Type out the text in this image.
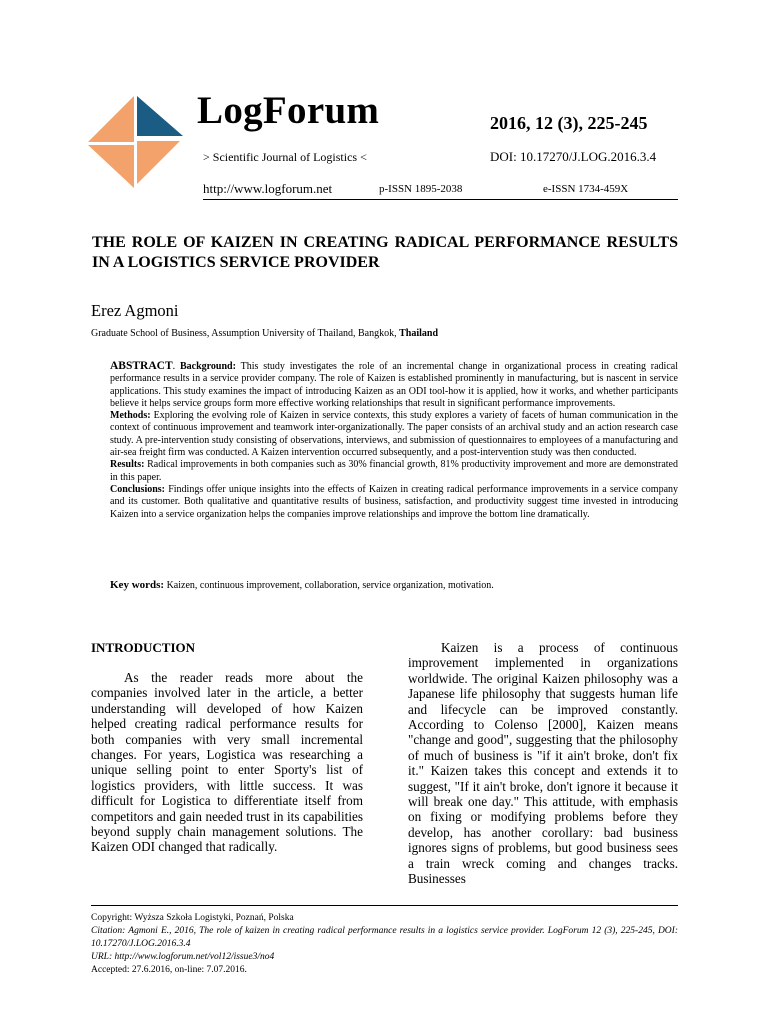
LogForum
> Scientific Journal of Logistics <
2016, 12 (3), 225-245
DOI: 10.17270/J.LOG.2016.3.4
http://www.logforum.net	p-ISSN 1895-2038	e-ISSN 1734-459X
THE ROLE OF KAIZEN IN CREATING RADICAL PERFORMANCE RESULTS IN A LOGISTICS SERVICE PROVIDER
Erez Agmoni
Graduate School of Business, Assumption University of Thailand, Bangkok, Thailand

ABSTRACT. Background: This study investigates the role of an incremental change in organizational process in creating radical performance results in a service provider company. The role of Kaizen is established prominently in manufacturing, but is nascent in service applications. This study examines the impact of introducing Kaizen as an ODI tool-how it is applied, how it works, and whether participants believe it helps service groups form more effective working relationships that result in significant performance improvements.

Methods: Exploring the evolving role of Kaizen in service contexts, this study explores a variety of facets of human communication in the context of continuous improvement and teamwork inter-organizationally. The paper consists of an archival study and an action research case study. A pre-intervention study consisting of observations, interviews, and submission of questionnaires to employees of a manufacturing and air-sea freight firm was conducted. A Kaizen intervention occurred subsequently, and a post-intervention study was then conducted.

Results: Radical improvements in both companies such as 30% financial growth, 81% productivity improvement and more are demonstrated in this paper.

Conclusions: Findings offer unique insights into the effects of Kaizen in creating radical performance improvements in a service company and its customer. Both qualitative and quantitative results of business, satisfaction, and productivity suggest time invested in introducing Kaizen into a service organization helps the companies improve relationships and improve the bottom line dramatically.

Key words: Kaizen, continuous improvement, collaboration, service organization, motivation.
INTRODUCTION

As the reader reads more about the companies involved later in the article, a better understanding will developed of how Kaizen helped creating radical performance results for both companies with very small incremental changes. For years, Logistica was researching a unique selling point to enter Sporty's list of logistics providers, with little success. It was difficult for Logistica to differentiate itself from competitors and gain needed trust in its capabilities beyond supply chain management solutions. The Kaizen ODI changed that radically.

Kaizen is a process of continuous improvement implemented in organizations worldwide. The original Kaizen philosophy was a Japanese life philosophy that suggests human life and lifecycle can be improved constantly. According to Colenso [2000], Kaizen means "change and good", suggesting that the philosophy of much of business is "if it ain't broke, don't fix it." Kaizen takes this concept and extends it to suggest, "If it ain't broke, don't ignore it because it will break one day." This attitude, with emphasis on fixing or modifying problems before they develop, has another corollary: bad business ignores signs of problems, but good business sees a train wreck coming and changes tracks. Businesses

Copyright: Wyższa Szkoła Logistyki, Poznań, Polska
Citation: Agmoni E., 2016, The role of kaizen in creating radical performance results in a logistics service provider. LogForum 12 (3), 225-245, DOI: 10.17270/J.LOG.2016.3.4
URL: http://www.logforum.net/vol12/issue3/no4
Accepted: 27.6.2016, on-line: 7.07.2016.
